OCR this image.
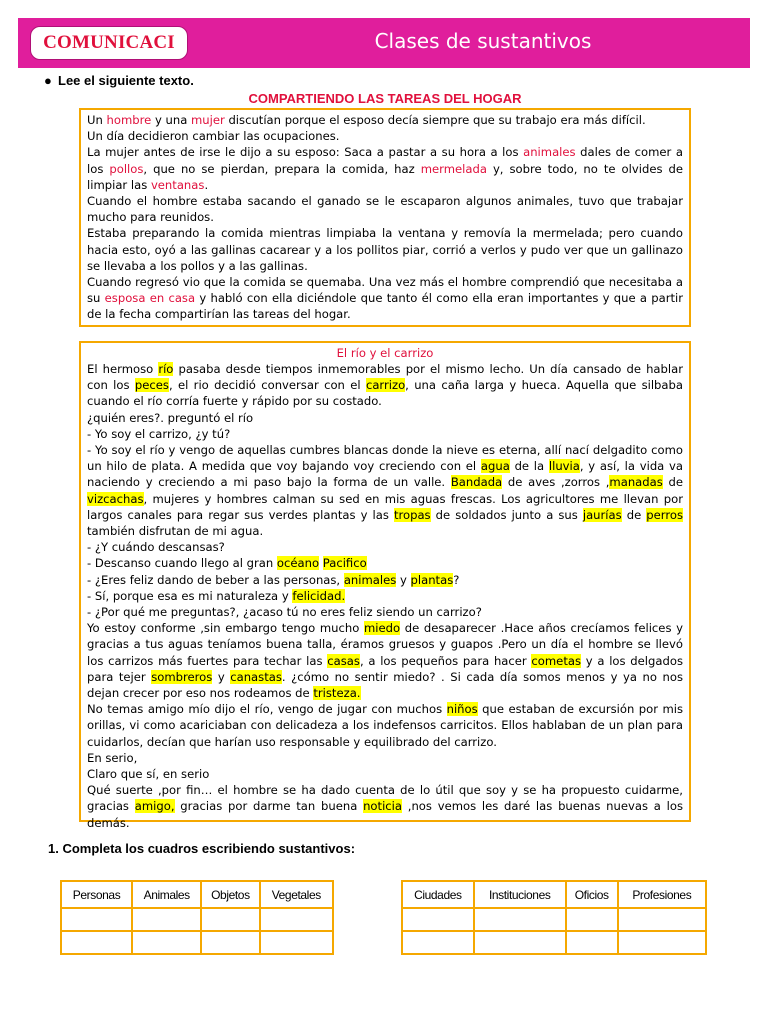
COMUNICACI	Clases de sustantivos
● Lee el siguiente texto.
COMPARTIENDO LAS TAREAS DEL HOGAR

Un hombre y una mujer discutían porque el esposo decía siempre que su trabajo era más difícil.

Un día decidieron cambiar las ocupaciones.

La mujer antes de irse le dijo a su esposo: Saca a pastar a su hora a los animales dales de comer a los pollos, que no se pierdan, prepara la comida, haz mermelada y, sobre todo, no te olvides de limpiar las ventanas.

Cuando el hombre estaba sacando el ganado se le escaparon algunos animales, tuvo que trabajar mucho para reunidos.

Estaba preparando la comida mientras limpiaba la ventana y removía la mermelada; pero cuando hacia esto, oyó a las gallinas cacarear y a los pollitos piar, corrió a verlos y pudo ver que un gallinazo se llevaba a los pollos y a las gallinas.

Cuando regresó vio que la comida se quemaba. Una vez más el hombre comprendió que necesitaba a su esposa en casa y habló con ella diciéndole que tanto él como ella eran importantes y que a partir de la fecha compartirían las tareas del hogar.

El río y el carrizo

El hermoso río pasaba desde tiempos inmemorables por el mismo lecho. Un día cansado de hablar con los peces, el rio decidió conversar con el carrizo, una caña larga y hueca. Aquella que silbaba cuando el río corría fuerte y rápido por su costado.

¿quién eres?. preguntó el río

- Yo soy el carrizo, ¿y tú?

- Yo soy el río y vengo de aquellas cumbres blancas donde la nieve es eterna, allí nací delgadito como un hilo de plata. A medida que voy bajando voy creciendo con el agua de la lluvia, y así, la vida va naciendo y creciendo a mi paso bajo la forma de un valle. Bandada de aves ,zorros ,manadas de vizcachas, mujeres y hombres calman su sed en mis aguas frescas. Los agricultores me llevan por largos canales para regar sus verdes plantas y las tropas de soldados junto a sus jaurías de perros también disfrutan de mi agua.

- ¿Y cuándo descansas?

- Descanso cuando llego al gran océano Pacifico

- ¿Eres feliz dando de beber a las personas, animales y plantas?

- Sí, porque esa es mi naturaleza y felicidad.

- ¿Por qué me preguntas?, ¿acaso tú no eres feliz siendo un carrizo?

Yo estoy conforme ,sin embargo tengo mucho miedo de desaparecer .Hace años crecíamos felices y gracias a tus aguas teníamos buena talla, éramos gruesos y guapos .Pero un día el hombre se llevó los carrizos más fuertes para techar las casas, a los pequeños para hacer cometas y a los delgados para tejer sombreros y canastas. ¿cómo no sentir miedo? . Si cada día somos menos y ya no nos dejan crecer por eso nos rodeamos de tristeza.

No temas amigo mío dijo el río, vengo de jugar con muchos niños que estaban de excursión por mis orillas, vi como acariciaban con delicadeza a los indefensos carricitos. Ellos hablaban de un plan para cuidarlos, decían que harían uso responsable y equilibrado del carrizo.

En serio,

Claro que sí, en serio

Qué suerte ,por fin… el hombre se ha dado cuenta de lo útil que soy y se ha propuesto cuidarme, gracias amigo, gracias por darme tan buena noticia ,nos vemos les daré las buenas nuevas a los demás.

1. Completa los cuadros escribiendo sustantivos:
Personas	Animales	Objetos	Vegetales

				Ciudades	Instituciones	Oficios	Profesiones
